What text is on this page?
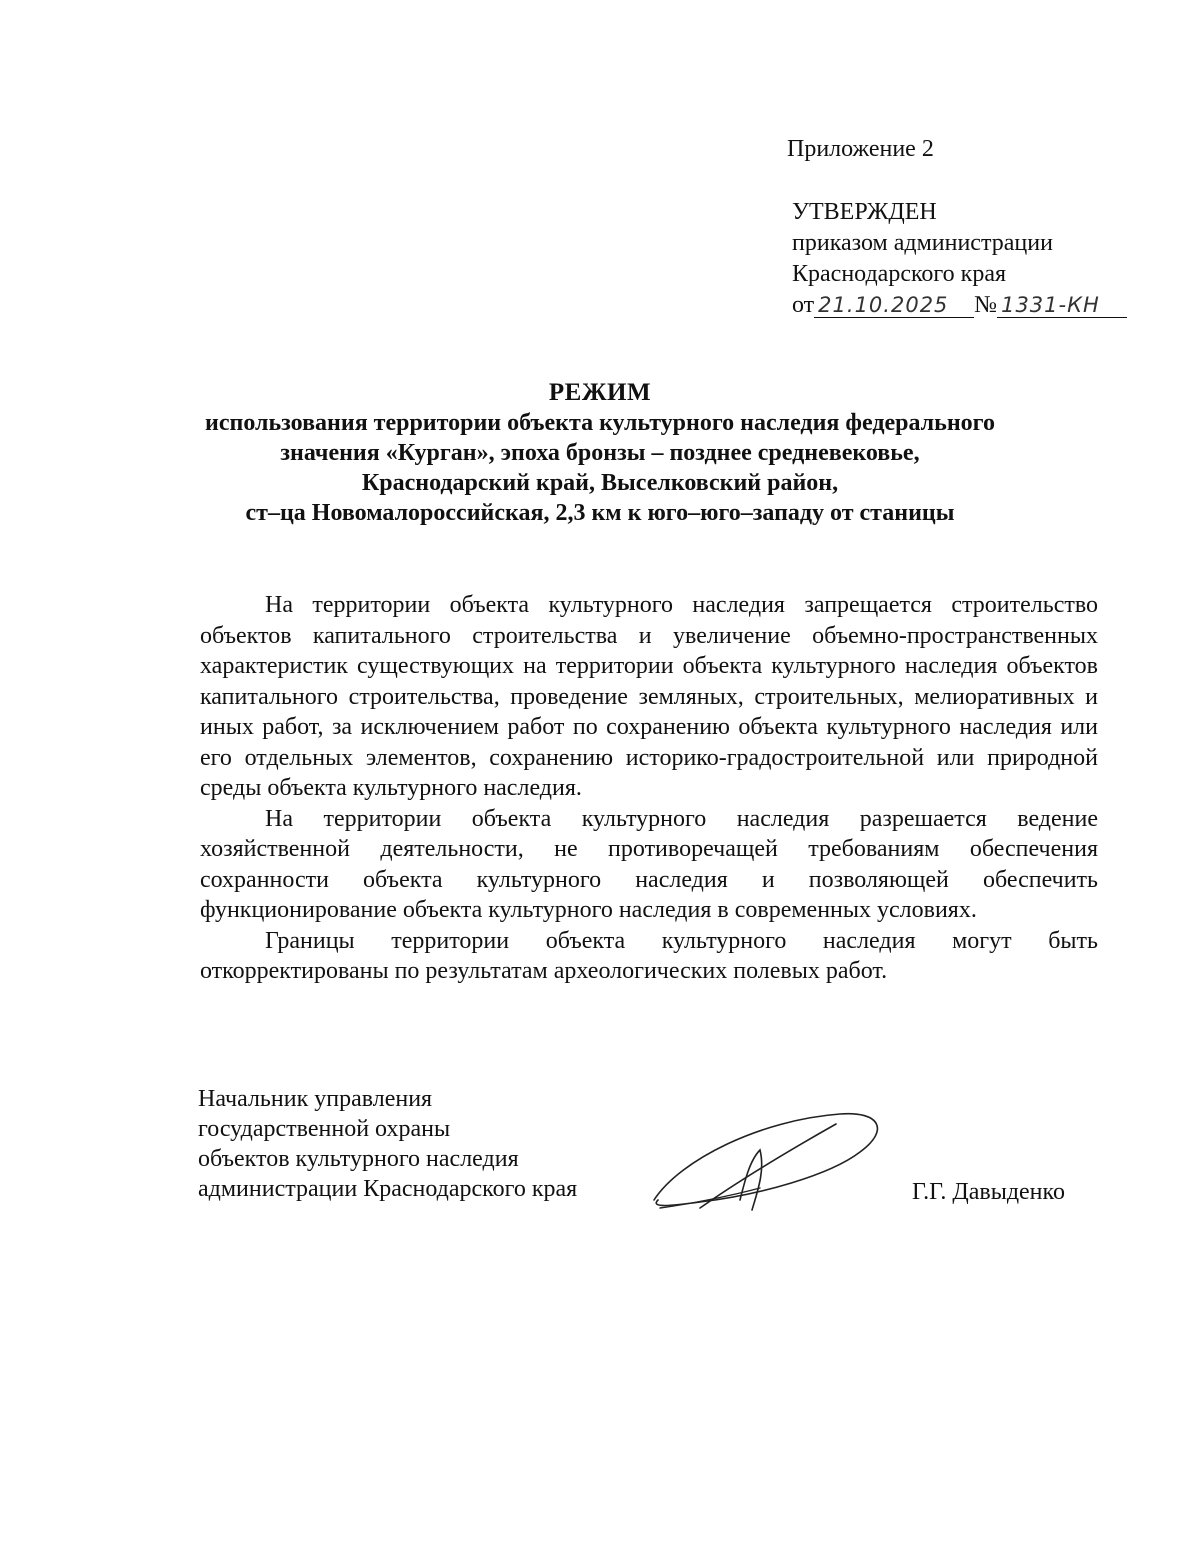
Приложение 2
УТВЕРЖДЕН
приказом администрации
Краснодарского края
от 21.10.2025 № 1331-КН
РЕЖИМ
использования территории объекта культурного наследия федерального
значения «Курган», эпоха бронзы – позднее средневековье,
Краснодарский край, Выселковский район,
ст–ца Новомалороссийская, 2,3 км к юго–юго–западу от станицы

На территории объекта культурного наследия запрещается строительство объектов капитального строительства и увеличение объемно-пространственных характеристик существующих на территории объекта культурного наследия объектов капитального строительства, проведение земляных, строительных, мелиоративных и иных работ, за исключением работ по сохранению объекта культурного наследия или его отдельных элементов, сохранению историко-градостроительной или природной среды объекта культурного наследия.

На территории объекта культурного наследия разрешается ведение хозяйственной деятельности, не противоречащей требованиям обеспечения сохранности объекта культурного наследия и позволяющей обеспечить функционирование объекта культурного наследия в современных условиях.

Границы территории объекта культурного наследия могут быть откорректированы по результатам археологических полевых работ.

Начальник управления
государственной охраны
объектов культурного наследия
администрации Краснодарского края	Г.Г. Давыденко
